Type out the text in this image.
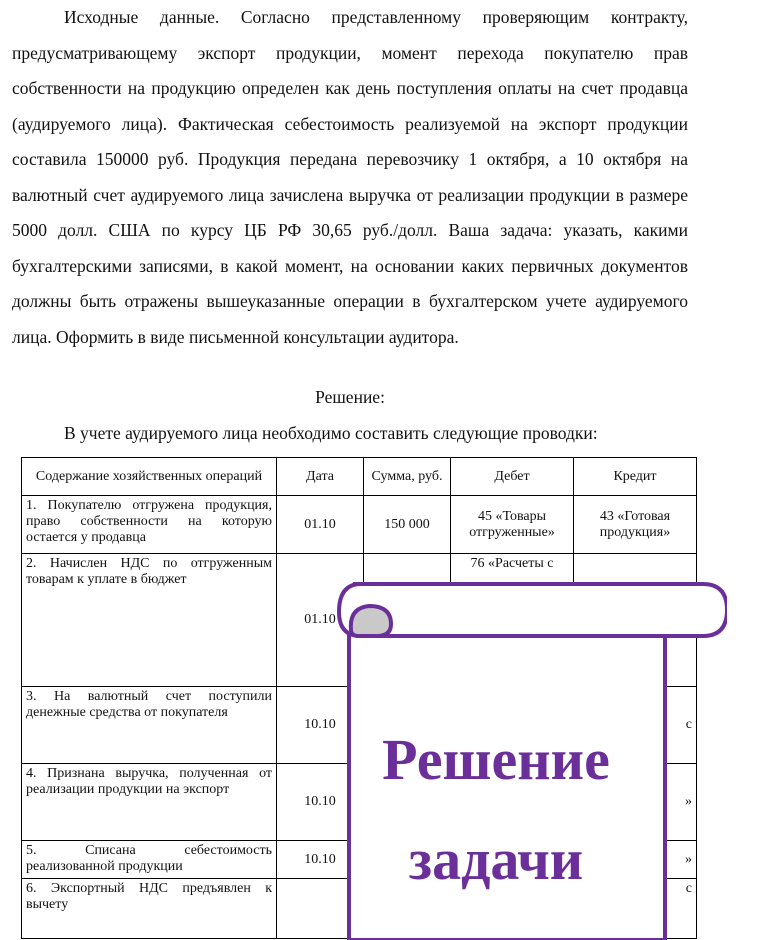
Исходные данные. Согласно представленному проверяющим контракту, предусматривающему экспорт продукции, момент перехода покупателю прав собственности на продукцию определен как день поступления оплаты на счет продавца (аудируемого лица). Фактическая себестоимость реализуемой на экспорт продукции составила 150000 руб. Продукция передана перевозчику 1 октября, а 10 октября на валютный счет аудируемого лица зачислена выручка от реализации продукции в размере 5000 долл. США по курсу ЦБ РФ 30,65 руб./долл. Ваша задача: указать, какими бухгалтерскими записями, в какой момент, на основании каких первичных документов должны быть отражены вышеуказанные операции в бухгалтерском учете аудируемого лица. Оформить в виде письменной консультации аудитора.

Решение:
В учете аудируемого лица необходимо составить следующие проводки:
Содержание хозяйственных операций	Дата	Сумма, руб.	Дебет	Кредит
1. Покупателю отгружена продукция, право собственности на которую остается у продавца	01.10	150 000	45 «Товары отгруженные»	43 «Готовая продукция»
2. Начислен НДС по отгруженным товарам к уплате в бюджет	01.10		76 «Расчеты с	
3. На валютный счет поступили денежные средства от покупателя	10.10			с
4. Признана выручка, полученная от реализации продукции на экспорт	10.10			»
5. Списана себестоимость реализованной продукции	10.10			»
6. Экспортный НДС предъявлен к вычету				с
Решение
задачи
